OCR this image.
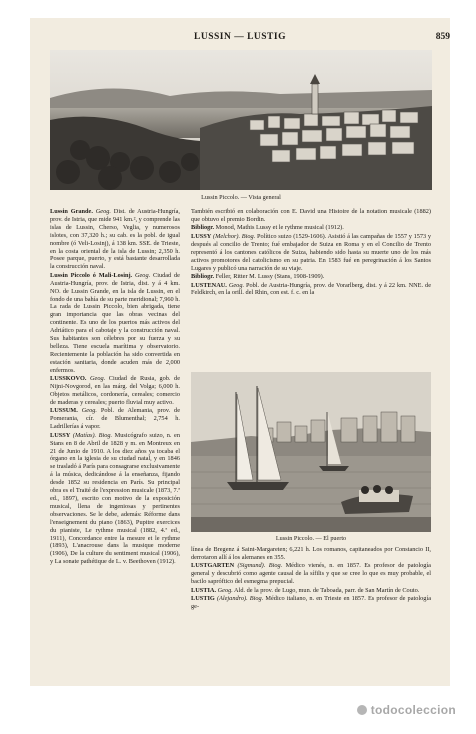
LUSSIN — LUSTIG	859
Lussin Piccolo. — Vista general

Lussin Grande. Geog. Dist. de Austria-Hungría, prov. de Istria, que mide 941 km.², y comprende las islas de Lussin, Cherso, Veglia, y numerosos islotes, con 37,320 h.; su cab. es la pobl. de igual nombre (ó Veli-Losinj), á 138 km. SSE. de Trieste, en la costa oriental de la isla de Lussin; 2,350 h. Posee parque, puerto, y está bastante desarrollada la construcción naval.

Lussin Piccolo ó Mali-Losinj. Geog. Ciudad de Austria-Hungría, prov. de Istria, dist. y á 4 km. NO. de Lussin Grande, en la isla de Lussin, en el fondo de una bahía de su parte meridional; 7,960 h. La rada de Lussin Piccolo, bien abrigada, tiene gran importancia que las obras vecinas del continente. Es uno de los puertos más activos del Adriático para el cabotaje y la construcción naval. Sus habitantes son célebres por su fuerza y su belleza. Tiene escuela marítima y observatorio. Recientemente la población ha sido convertida en estación sanitaria, donde acuden más de 2,000 enfermos.

LUSSKOVO. Geog. Ciudad de Rusia, gob. de Nijni-Novgorod, en las márg. del Volga; 6,000 h. Objetos metálicos, cordonería, cereales; comercio de maderas y cereales; puerto fluvial muy activo.

LUSSUM. Geog. Pobl. de Alemania, prov. de Pomerania, cír. de Blumenthal; 2,754 h. Ladrillerías á vapor.

LUSSY (Matías). Biog. Musicógrafo suizo, n. en Stans en 8 de Abril de 1828 y m. en Montreux en 21 de Junio de 1910. A los diez años ya tocaba el órgano en la iglesia de su ciudad natal, y en 1846 se trasladó á París para consagrarse exclusivamente á la música, dedicándose á la enseñanza, fijando desde 1852 su residencia en París. Su principal obra es el Traité de l'expression musicale (1873, 7.ª ed., 1897), escrito con motivo de la exposición musical, llena de ingeniosas y pertinentes observaciones. Se le debe, además: Réforme dans l'enseignement du piano (1863), Pupitre exercices du pianiste, Le rythme musical (1882, 4.ª ed., 1911), Concordance entre la mesure et le rythme (1893), L'anacrouse dans la musique moderne (1906), De la culture du sentiment musical (1906), y La sonate pathétique de L. v. Beethoven (1912).

También escribió en colaboración con E. David una Histoire de la notation musicale (1882) que obtuvo el premio Bordin.

Bibliogr. Monod, Mathis Lussy et le rythme musical (1912).

LUSSY (Melchor). Biog. Político suizo (1529-1606). Asistió á las campañas de 1557 y 1573 y después al concilio de Trento; fué embajador de Suiza en Roma y en el Concilio de Trento representó á los cantones católicos de Suiza, habiendo sido hasta su muerte uno de los más activos promotores del catolicismo en su patria. En 1583 fué en peregrinación á los Santos Lugares y publicó una narración de su viaje.

Bibliogr. Feller, Ritter M. Lussy (Stans, 1908-1909).

LUSTENAU. Geog. Pobl. de Austria-Hungría, prov. de Vorarlberg, dist. y á 22 km. NNE. de Feldkirch, en la orill. del Rhin, con est. f. c. en la

Lussin Piccolo. — El puerto

línea de Bregenz á Saint-Margareten; 6,221 h. Los romanos, capitaneados por Constancio II, derrotaron allí á los alemanes en 355.

LUSTGARTEN (Sigmund). Biog. Médico vienés, n. en 1857. Es profesor de patología general y descubrió como agente causal de la sífilis y que se cree lo que es muy probable, el bacilo sapróftico del esmegma prepucial.

LUSTIA. Geog. Ald. de la prov. de Lugo, mun. de Taboada, parr. de San Martín de Couto.

LUSTIG (Alejandro). Biog. Médico italiano, n. en Trieste en 1857. Es profesor de patología ge-

todocoleccion
